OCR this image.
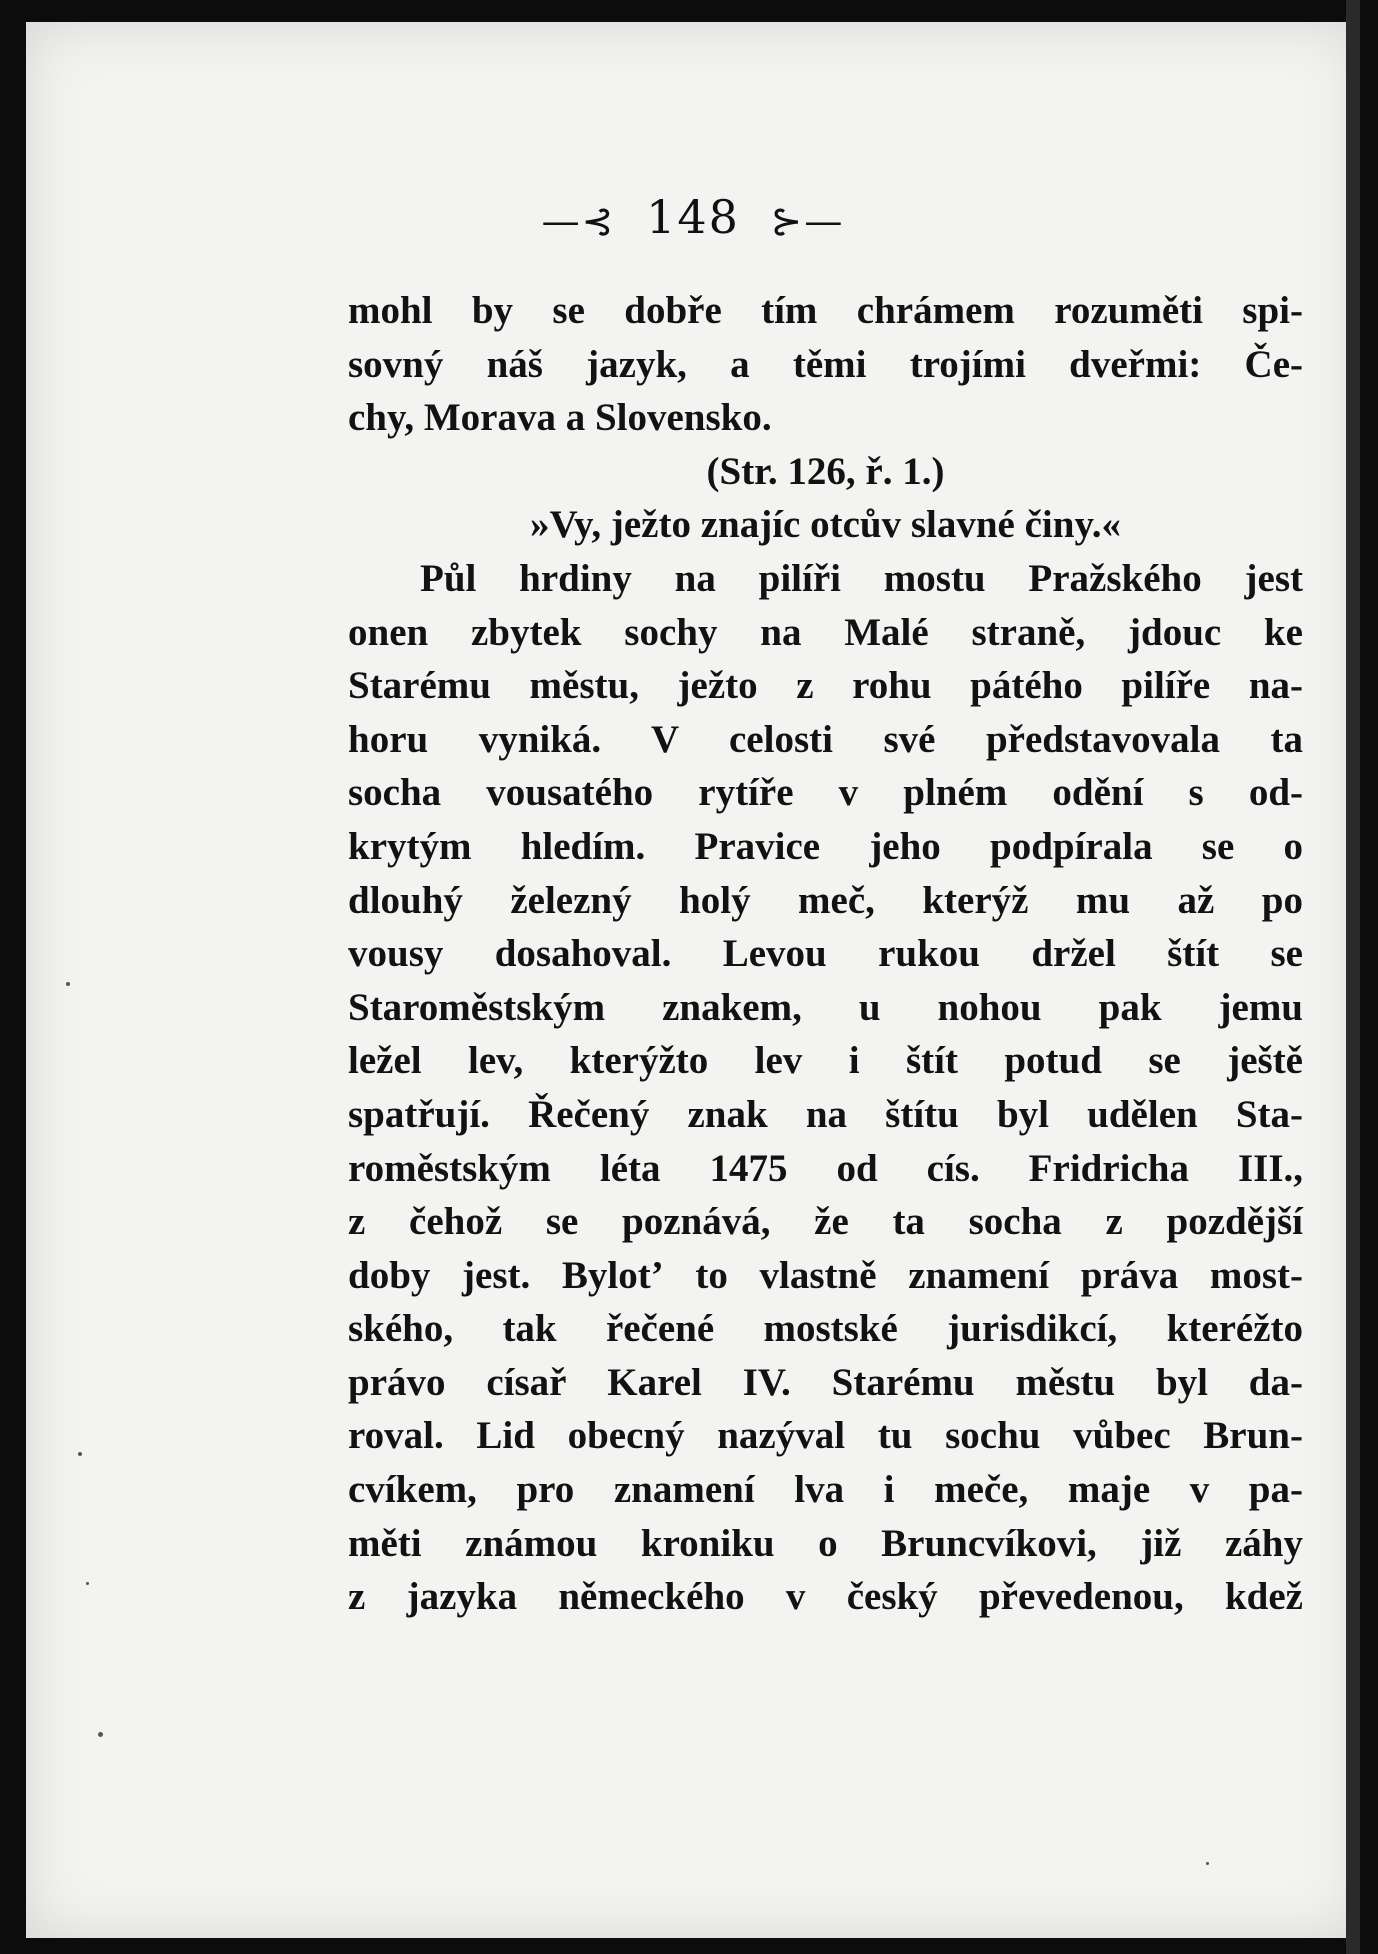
—⊰ 148 ⊱—
mohl by se dobře tím chrámem rozuměti spi-
sovný náš jazyk, a těmi trojími dveřmi: Če-
chy, Morava a Slovensko.
(Str. 126, ř. 1.)
»Vy, ježto znajíc otcův slavné činy.«
Půl hrdiny na pilíři mostu Pražského jest
onen zbytek sochy na Malé straně, jdouc ke
Starému městu, ježto z rohu pátého pilíře na-
horu vyniká. V celosti své představovala ta
socha vousatého rytíře v plném odění s od-
krytým hledím. Pravice jeho podpírala se o
dlouhý železný holý meč, kterýž mu až po
vousy dosahoval. Levou rukou držel štít se
Staroměstským znakem, u nohou pak jemu
ležel lev, kterýžto lev i štít potud se ještě
spatřují. Řečený znak na štítu byl udělen Sta-
roměstským léta 1475 od cís. Fridricha III.,
z čehož se poznává, že ta socha z pozdější
doby jest. Bylotʼ to vlastně znamení práva most-
ského, tak řečené mostské jurisdikcí, kteréžto
právo císař Karel IV. Starému městu byl da-
roval. Lid obecný nazýval tu sochu vůbec Brun-
cvíkem, pro znamení lva i meče, maje v pa-
měti známou kroniku o Bruncvíkovi, již záhy
z jazyka německého v český převedenou, kdež
